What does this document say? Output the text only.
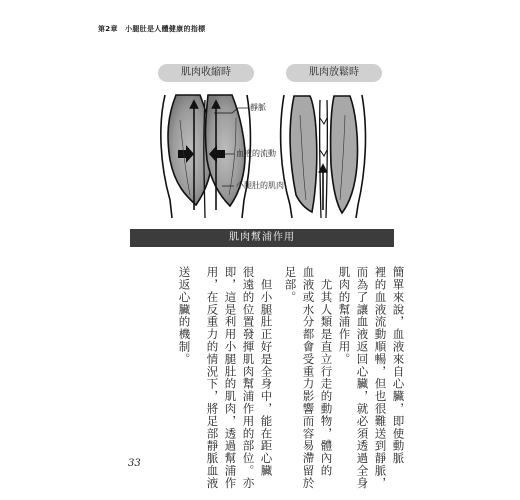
第2章　小腿肚是人體健康的指標
肌肉收縮時	肌肉放鬆時
靜脈
血液的流動
小腿肚的肌肉
肌肉幫浦作用
簡單來說，血液來自心臟，即使動脈
裡的血液流動順暢，但也很難送到靜脈，
而為了讓血液返回心臟，就必須透過全身
肌肉的幫浦作用。
　尤其人類是直立行走的動物，體內的
血液或水分都會受重力影響而容易滯留於
足部。
　但小腿肚正好是全身中，能在距心臟
很遠的位置發揮肌肉幫浦作用的部位。亦
即，這是利用小腿肚的肌肉，透過幫浦作
用，在反重力的情況下，將足部靜脈血液
送返心臟的機制。
33
